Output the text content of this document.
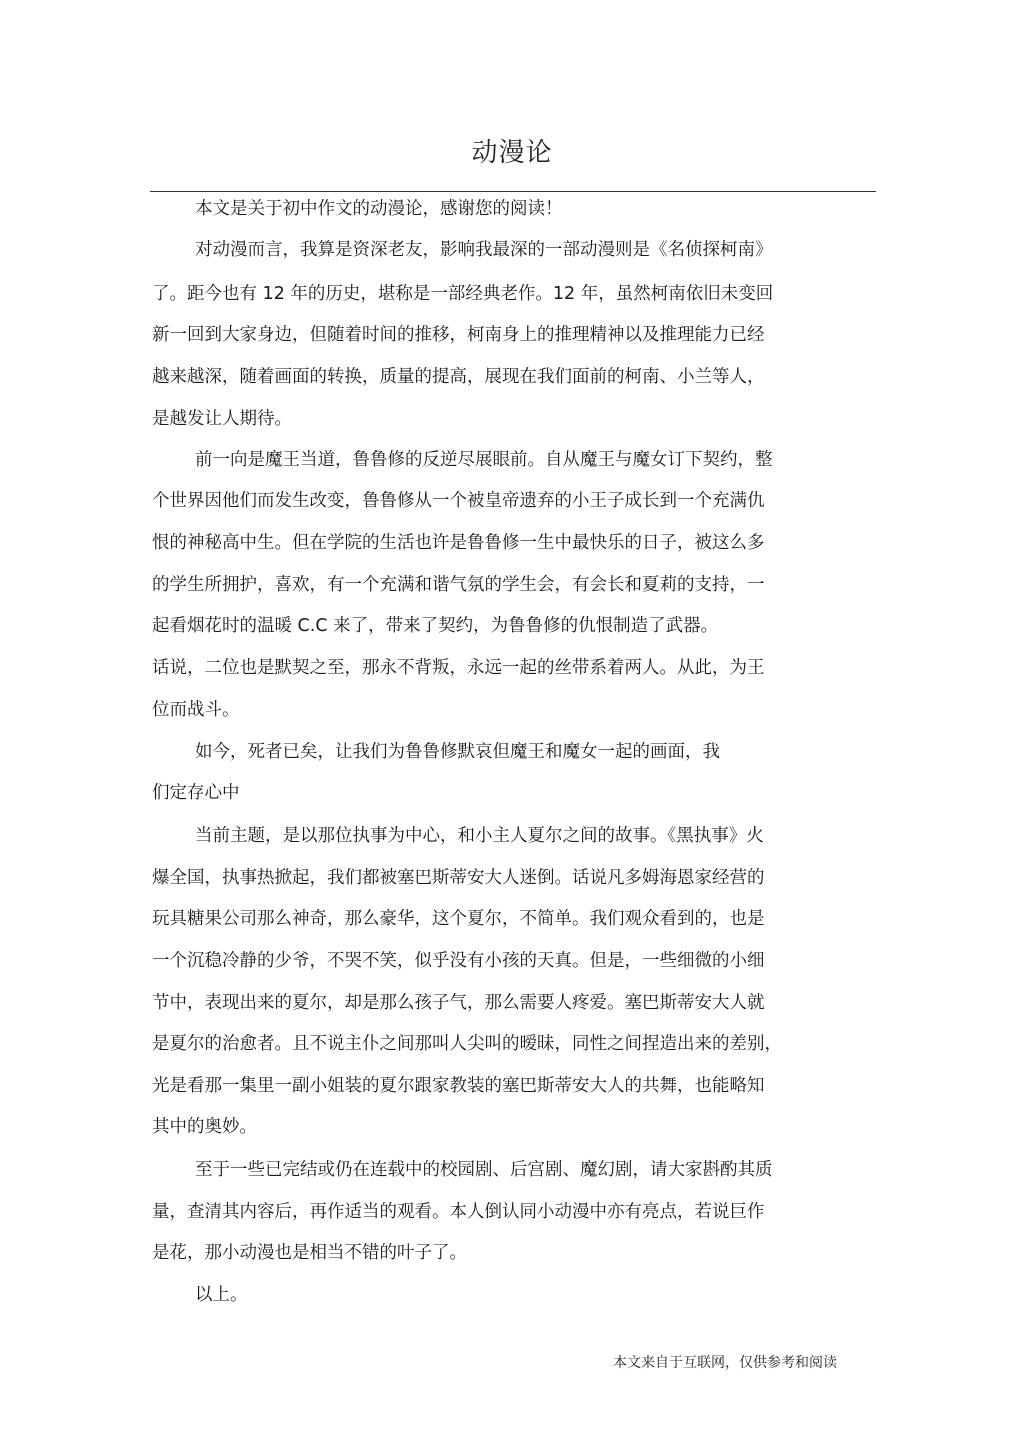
动漫论
本文是关于初中作文的动漫论，感谢您的阅读！
对动漫而言，我算是资深老友，影响我最深的一部动漫则是《名侦探柯南》
了。距今也有 12 年的历史，堪称是一部经典老作。12 年，虽然柯南依旧未变回
新一回到大家身边，但随着时间的推移，柯南身上的推理精神以及推理能力已经
越来越深，随着画面的转换，质量的提高，展现在我们面前的柯南、小兰等人，
是越发让人期待。
前一向是魔王当道，鲁鲁修的反逆尽展眼前。自从魔王与魔女订下契约，整
个世界因他们而发生改变，鲁鲁修从一个被皇帝遗弃的小王子成长到一个充满仇
恨的神秘高中生。但在学院的生活也许是鲁鲁修一生中最快乐的日子，被这么多
的学生所拥护，喜欢，有一个充满和谐气氛的学生会，有会长和夏莉的支持，一
起看烟花时的温暖 C.C 来了，带来了契约，为鲁鲁修的仇恨制造了武器。
话说，二位也是默契之至，那永不背叛，永远一起的丝带系着两人。从此，为王
位而战斗。
如今，死者已矣，让我们为鲁鲁修默哀但魔王和魔女一起的画面，我
们定存心中
当前主题，是以那位执事为中心，和小主人夏尔之间的故事。《黑执事》火
爆全国，执事热掀起，我们都被塞巴斯蒂安大人迷倒。话说凡多姆海恩家经营的
玩具糖果公司那么神奇，那么豪华，这个夏尔，不简单。我们观众看到的，也是
一个沉稳冷静的少爷，不哭不笑，似乎没有小孩的天真。但是，一些细微的小细
节中，表现出来的夏尔，却是那么孩子气，那么需要人疼爱。塞巴斯蒂安大人就
是夏尔的治愈者。且不说主仆之间那叫人尖叫的暧昧，同性之间捏造出来的差别，
光是看那一集里一副小姐装的夏尔跟家教装的塞巴斯蒂安大人的共舞，也能略知
其中的奥妙。
至于一些已完结或仍在连载中的校园剧、后宫剧、魔幻剧，请大家斟酌其质
量，查清其内容后，再作适当的观看。本人倒认同小动漫中亦有亮点，若说巨作
是花，那小动漫也是相当不错的叶子了。
以上。
本文来自于互联网，仅供参考和阅读
